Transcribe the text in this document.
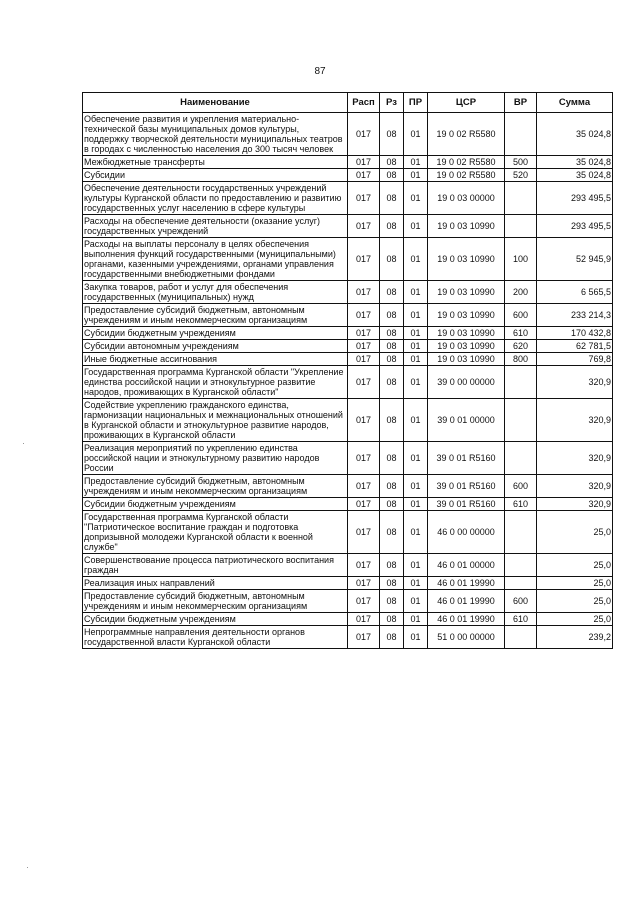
87
·
·
Наименование	Расп	Рз	ПР	ЦСР	ВР	Сумма
Обеспечение развития и укрепления материально-технической базы муниципальных домов культуры, поддержку творческой деятельности муниципальных театров в городах с численностью населения до 300 тысяч человек	017	08	01	19 0 02 R5580		35 024,8
Межбюджетные трансферты	017	08	01	19 0 02 R5580	500	35 024,8
Субсидии	017	08	01	19 0 02 R5580	520	35 024,8
Обеспечение деятельности государственных учреждений культуры Курганской области по предоставлению и развитию государственных услуг населению в сфере культуры	017	08	01	19 0 03 00000		293 495,5
Расходы на обеспечение деятельности (оказание услуг) государственных учреждений	017	08	01	19 0 03 10990		293 495,5
Расходы на выплаты персоналу в целях обеспечения выполнения функций государственными (муниципальными) органами, казенными учреждениями, органами управления государственными внебюджетными фондами	017	08	01	19 0 03 10990	100	52 945,9
Закупка товаров, работ и услуг для обеспечения государственных (муниципальных) нужд	017	08	01	19 0 03 10990	200	6 565,5
Предоставление субсидий бюджетным, автономным учреждениям и иным некоммерческим организациям	017	08	01	19 0 03 10990	600	233 214,3
Субсидии бюджетным учреждениям	017	08	01	19 0 03 10990	610	170 432,8
Субсидии автономным учреждениям	017	08	01	19 0 03 10990	620	62 781,5
Иные бюджетные ассигнования	017	08	01	19 0 03 10990	800	769,8
Государственная программа Курганской области "Укрепление единства российской нации и этнокультурное развитие народов, проживающих в Курганской области"	017	08	01	39 0 00 00000		320,9
Содействие укреплению гражданского единства, гармонизации национальных и межнациональных отношений в Курганской области и этнокультурное развитие народов, проживающих в Курганской области	017	08	01	39 0 01 00000		320,9
Реализация мероприятий по укреплению единства российской нации и этнокультурному развитию народов России	017	08	01	39 0 01 R5160		320,9
Предоставление субсидий бюджетным, автономным учреждениям и иным некоммерческим организациям	017	08	01	39 0 01 R5160	600	320,9
Субсидии бюджетным учреждениям	017	08	01	39 0 01 R5160	610	320,9
Государственная программа Курганской области "Патриотическое воспитание граждан и подготовка допризывной молодежи Курганской области к военной службе"	017	08	01	46 0 00 00000		25,0
Совершенствование процесса патриотического воспитания граждан	017	08	01	46 0 01 00000		25,0
Реализация иных направлений	017	08	01	46 0 01 19990		25,0
Предоставление субсидий бюджетным, автономным учреждениям и иным некоммерческим организациям	017	08	01	46 0 01 19990	600	25,0
Субсидии бюджетным учреждениям	017	08	01	46 0 01 19990	610	25,0
Непрограммные направления деятельности органов государственной власти Курганской области	017	08	01	51 0 00 00000		239,2
